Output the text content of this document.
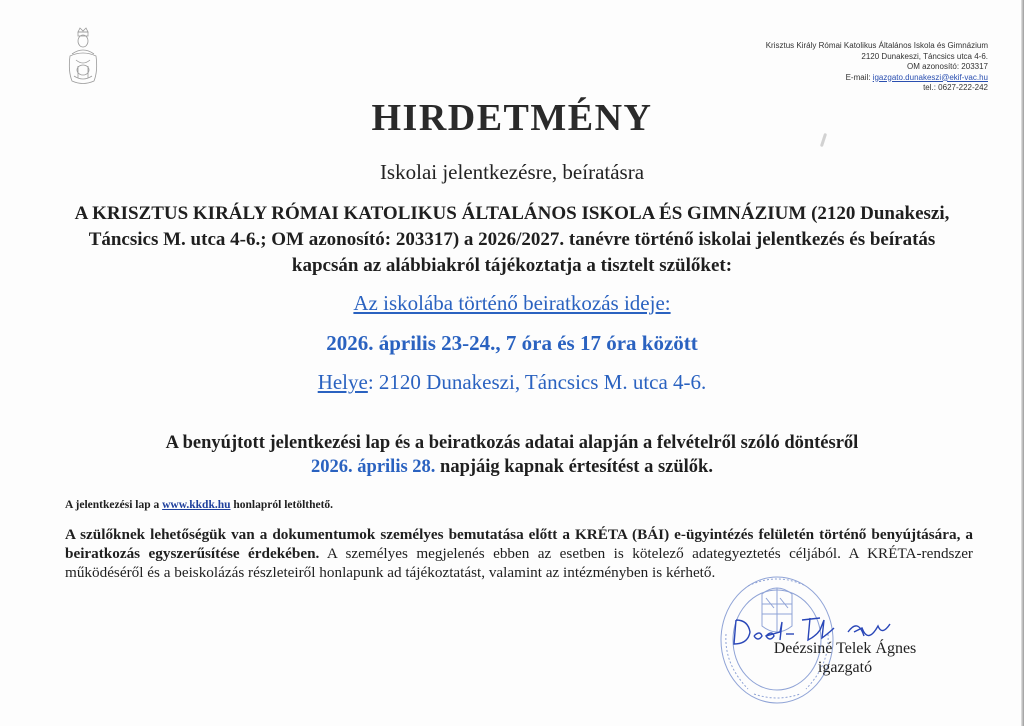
Krisztus Király Római Katolikus Általános Iskola és Gimnázium
2120 Dunakeszi, Táncsics utca 4-6.
OM azonosító: 203317
E-mail: igazgato.dunakeszi@ekif-vac.hu
tel.: 0627-222-242
HIRDETMÉNY
Iskolai jelentkezésre, beíratásra
A KRISZTUS KIRÁLY RÓMAI KATOLIKUS ÁLTALÁNOS ISKOLA ÉS GIMNÁZIUM (2120 Dunakeszi, Táncsics M. utca 4-6.; OM azonosító: 203317) a 2026/2027. tanévre történő iskolai jelentkezés és beíratás kapcsán az alábbiakról tájékoztatja a tisztelt szülőket:
Az iskolába történő beiratkozás ideje:
2026. április 23-24., 7 óra és 17 óra között
Helye: 2120 Dunakeszi, Táncsics M. utca 4-6.
A benyújtott jelentkezési lap és a beiratkozás adatai alapján a felvételről szóló döntésről
2026. április 28. napjáig kapnak értesítést a szülők.
A jelentkezési lap a www.kkdk.hu honlapról letölthető.
A szülőknek lehetőségük van a dokumentumok személyes bemutatása előtt a KRÉTA (BÁI) e-ügyintézés felületén történő benyújtására, a beiratkozás egyszerűsítése érdekében. A személyes megjelenés ebben az esetben is kötelező adategyeztetés céljából. A KRÉTA-rendszer működéséről és a beiskolázás részleteiről honlapunk ad tájékoztatást, valamint az intézményben is kérhető.
Deézsiné Telek Ágnes
igazgató
